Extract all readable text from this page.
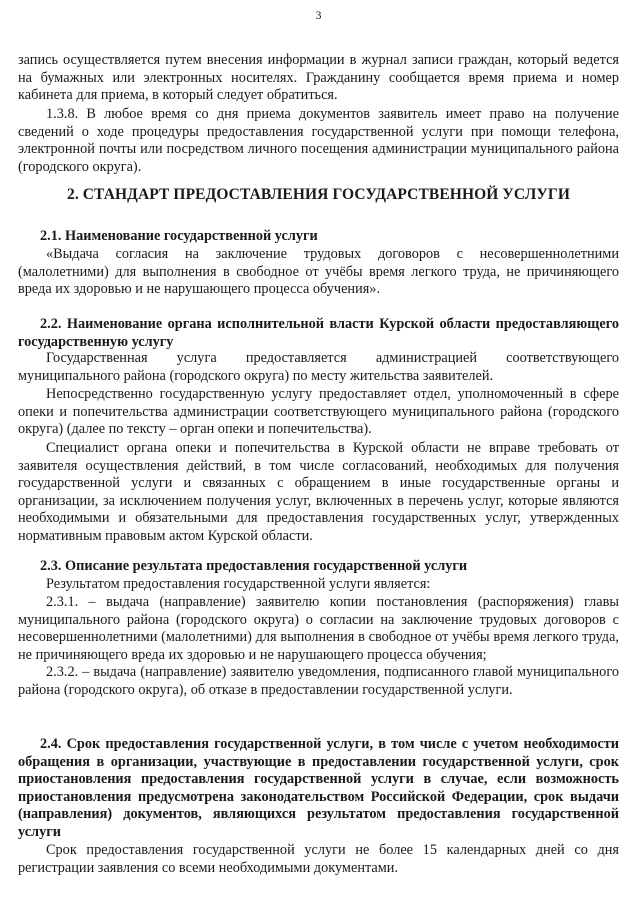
3

запись осуществляется путем внесения информации в журнал записи граждан, который ведется на бумажных или электронных носителях. Гражданину сообщается время приема и номер кабинета для приема, в который следует обратиться.

1.3.8. В любое время со дня приема документов заявитель имеет право на получение сведений о ходе процедуры предоставления государственной услуги при помощи телефона, электронной почты или посредством личного посещения администрации муниципального района (городского округа).

2. СТАНДАРТ ПРЕДОСТАВЛЕНИЯ ГОСУДАРСТВЕННОЙ УСЛУГИ

2.1. Наименование государственной услуги

«Выдача согласия на заключение трудовых договоров с несовершеннолетними (малолетними) для выполнения в свободное от учёбы время легкого труда, не причиняющего вреда их здоровью и не нарушающего процесса обучения».

2.2. Наименование органа исполнительной власти Курской области предоставляющего государственную услугу

Государственная услуга предоставляется администрацией соответствующего муниципального района (городского округа) по месту жительства заявителей.

Непосредственно государственную услугу предоставляет отдел, уполномоченный в сфере опеки и попечительства администрации соответствующего муниципального района (городского округа) (далее по тексту – орган опеки и попечительства).

Специалист органа опеки и попечительства в Курской области не вправе требовать от заявителя осуществления действий, в том числе согласований, необходимых для получения государственной услуги и связанных с обращением в иные государственные органы и организации, за исключением получения услуг, включенных в перечень услуг, которые являются необходимыми и обязательными для предоставления государственных услуг, утвержденных нормативным правовым актом Курской области.

2.3. Описание результата предоставления государственной услуги

Результатом предоставления государственной услуги является:

2.3.1. – выдача (направление) заявителю копии постановления (распоряжения) главы муниципального района (городского округа) о согласии на заключение трудовых договоров с несовершеннолетними (малолетними) для выполнения в свободное от учёбы время легкого труда, не причиняющего вреда их здоровью и не нарушающего процесса обучения;

2.3.2. – выдача (направление) заявителю уведомления, подписанного главой муниципального района (городского округа), об отказе в предоставлении государственной услуги.

2.4. Срок предоставления государственной услуги, в том числе с учетом необходимости обращения в организации, участвующие в предоставлении государственной услуги, срок приостановления предоставления государственной услуги в случае, если возможность приостановления предусмотрена законодательством Российской Федерации, срок выдачи (направления) документов, являющихся результатом предоставления государственной услуги

Срок предоставления государственной услуги не более 15 календарных дней со дня регистрации заявления со всеми необходимыми документами.
